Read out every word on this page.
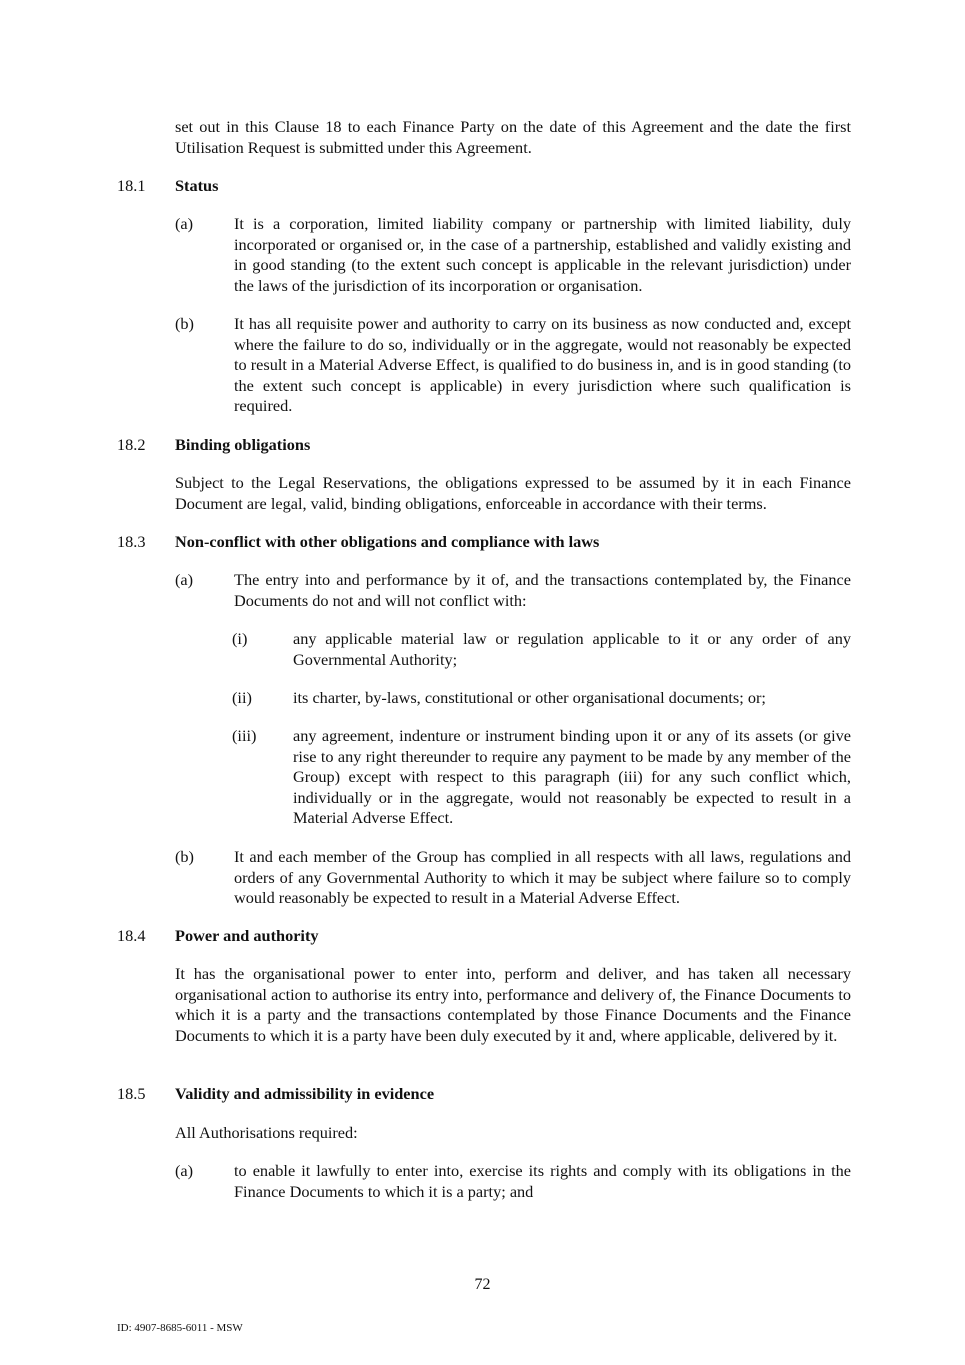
set out in this Clause 18 to each Finance Party on the date of this Agreement and the date the first Utilisation Request is submitted under this Agreement.

18.1 Status
(a)	It is a corporation, limited liability company or partnership with limited liability, duly incorporated or organised or, in the case of a partnership, established and validly existing and in good standing (to the extent such concept is applicable in the relevant jurisdiction) under the laws of the jurisdiction of its incorporation or organisation.

(b) It has all requisite power and authority to carry on its business as now conducted and, except where the failure to do so, individually or in the aggregate, would not reasonably be expected to result in a Material Adverse Effect, is qualified to do business in, and is in good standing (to the extent such concept is applicable) in every jurisdiction where such qualification is required.

18.2 Binding obligations

Subject to the Legal Reservations, the obligations expressed to be assumed by it in each Finance Document are legal, valid, binding obligations, enforceable in accordance with their terms.

18.3 Non-conflict with other obligations and compliance with laws
(a)	The entry into and performance by it of, and the transactions contemplated by, the Finance Documents do not and will not conflict with:

(i)	any applicable material law or regulation applicable to it or any order of any Governmental Authority;

(ii)	its charter, by-laws, constitutional or other organisational documents; or;

(iii) any agreement, indenture or instrument binding upon it or any of its assets (or give rise to any right thereunder to require any payment to be made by any member of the Group) except with respect to this paragraph (iii) for any such conflict which, individually or in the aggregate, would not reasonably be expected to result in a Material Adverse Effect.

(b) It and each member of the Group has complied in all respects with all laws, regulations and orders of any Governmental Authority to which it may be subject where failure so to comply would reasonably be expected to result in a Material Adverse Effect.

18.4 Power and authority

It has the organisational power to enter into, perform and deliver, and has taken all necessary organisational action to authorise its entry into, performance and delivery of, the Finance Documents to which it is a party and the transactions contemplated by those Finance Documents and the Finance Documents to which it is a party have been duly executed by it and, where applicable, delivered by it.

18.5 Validity and admissibility in evidence

All Authorisations required:

(a)	to enable it lawfully to enter into, exercise its rights and comply with its obligations in the Finance Documents to which it is a party; and

72
ID: 4907-8685-6011 - MSW
